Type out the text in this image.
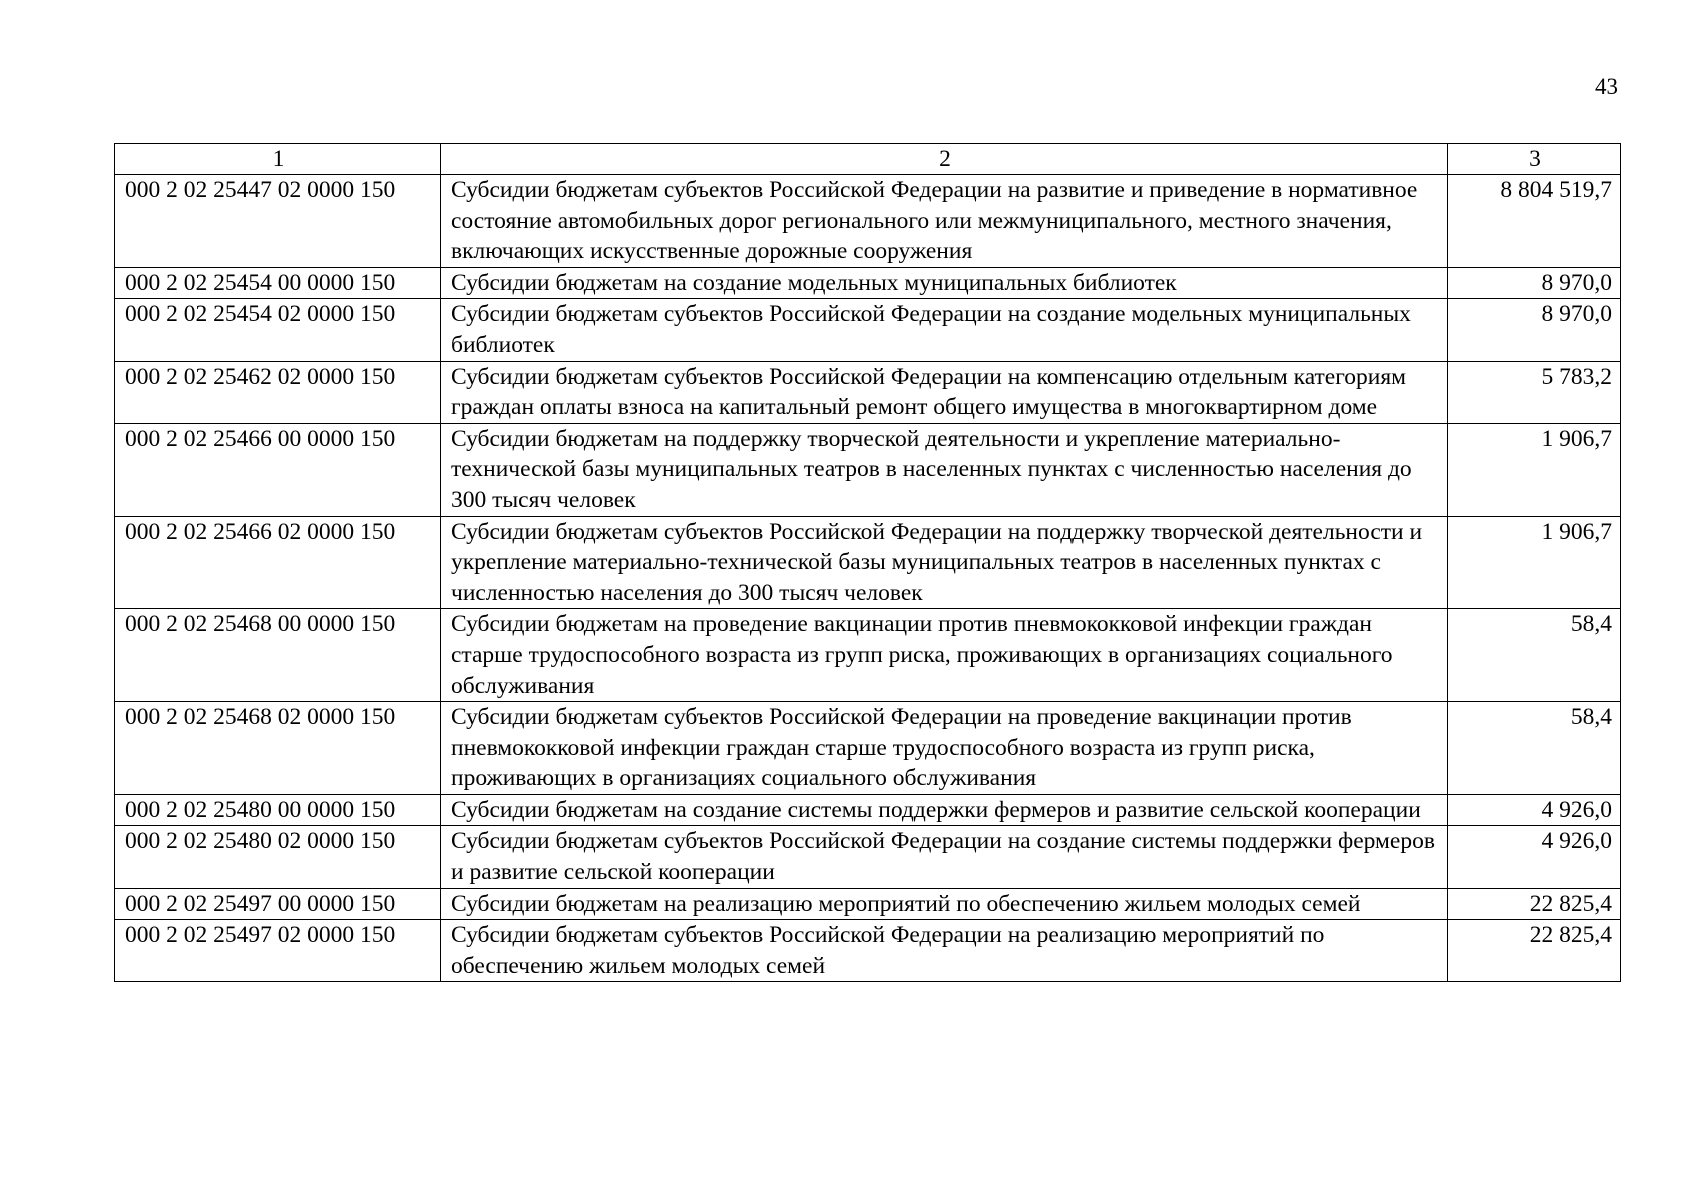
43
1	2	3
000 2 02 25447 02 0000 150	Субсидии бюджетам субъектов Российской Федерации на развитие и приведение в нормативное состояние автомобильных дорог регионального или межмуниципального, местного значения, включающих искусственные дорожные сооружения	8 804 519,7
000 2 02 25454 00 0000 150	Субсидии бюджетам на создание модельных муниципальных библиотек	8 970,0
000 2 02 25454 02 0000 150	Субсидии бюджетам субъектов Российской Федерации на создание модельных муниципальных библиотек	8 970,0
000 2 02 25462 02 0000 150	Субсидии бюджетам субъектов Российской Федерации на компенсацию отдельным категориям граждан оплаты взноса на капитальный ремонт общего имущества в многоквартирном доме	5 783,2
000 2 02 25466 00 0000 150	Субсидии бюджетам на поддержку творческой деятельности и укрепление материально-технической базы муниципальных театров в населенных пунктах с численностью населения до 300 тысяч человек	1 906,7
000 2 02 25466 02 0000 150	Субсидии бюджетам субъектов Российской Федерации на поддержку творческой деятельности и укрепление материально-технической базы муниципальных театров в населенных пунктах с численностью населения до 300 тысяч человек	1 906,7
000 2 02 25468 00 0000 150	Субсидии бюджетам на проведение вакцинации против пневмококковой инфекции граждан старше трудоспособного возраста из групп риска, проживающих в организациях социального обслуживания	58,4
000 2 02 25468 02 0000 150	Субсидии бюджетам субъектов Российской Федерации на проведение вакцинации против пневмококковой инфекции граждан старше трудоспособного возраста из групп риска, проживающих в организациях социального обслуживания	58,4
000 2 02 25480 00 0000 150	Субсидии бюджетам на создание системы поддержки фермеров и развитие сельской кооперации	4 926,0
000 2 02 25480 02 0000 150	Субсидии бюджетам субъектов Российской Федерации на создание системы поддержки фермеров и развитие сельской кооперации	4 926,0
000 2 02 25497 00 0000 150	Субсидии бюджетам на реализацию мероприятий по обеспечению жильем молодых семей	22 825,4
000 2 02 25497 02 0000 150	Субсидии бюджетам субъектов Российской Федерации на реализацию мероприятий по обеспечению жильем молодых семей	22 825,4
